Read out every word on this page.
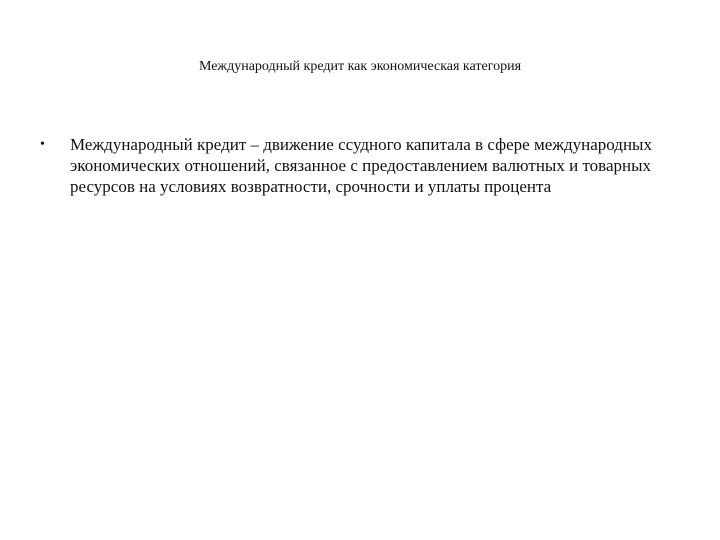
Международный кредит как экономическая категория
•	Международный кредит – движение ссудного капитала в сфере международных экономических отношений, связанное с предоставлением валютных и товарных ресурсов на условиях возвратности, срочности и уплаты процента
